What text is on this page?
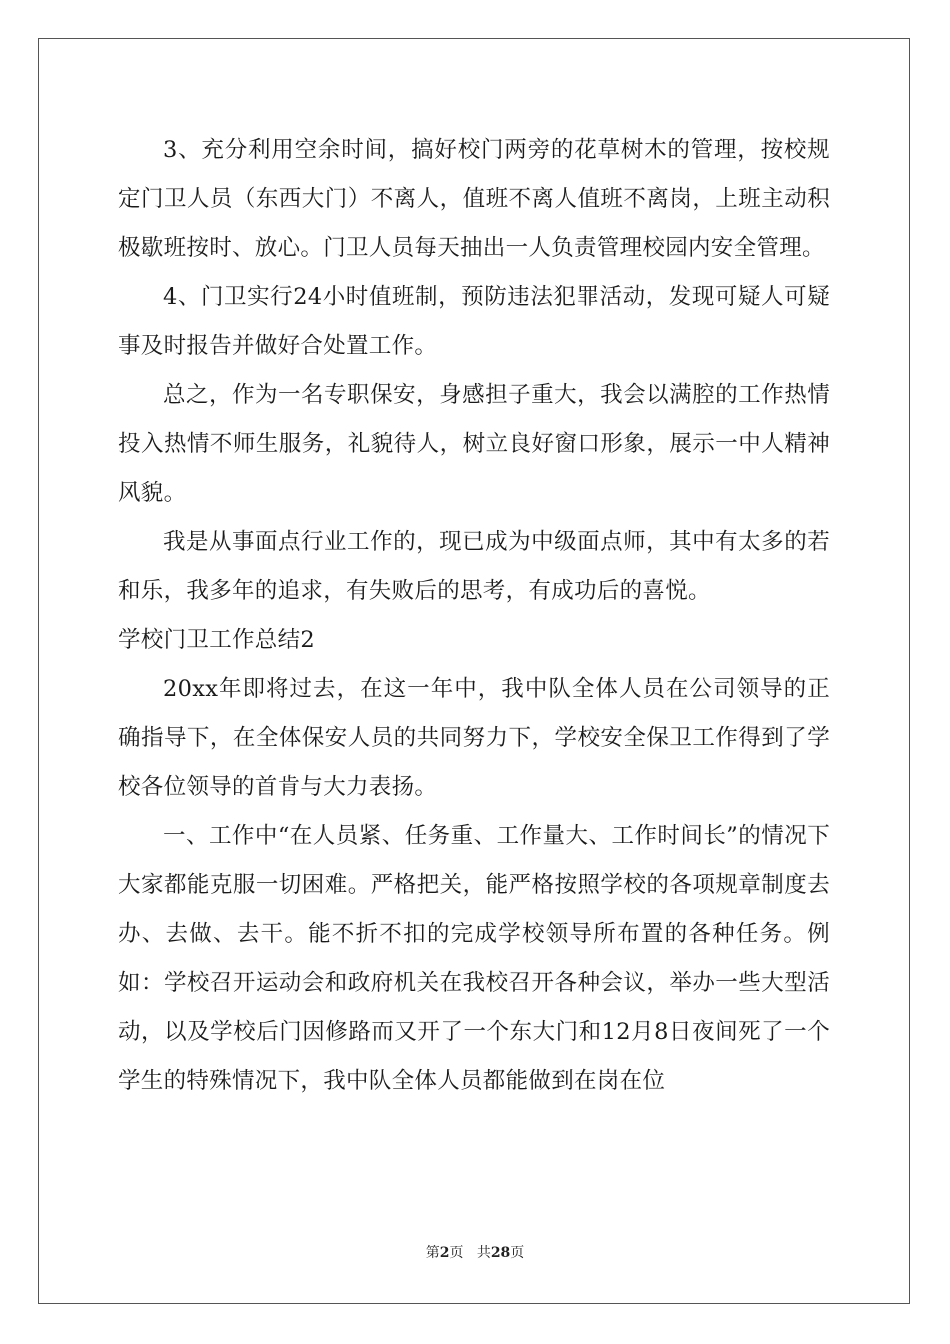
3、充分利用空余时间，搞好校门两旁的花草树木的管理，按校规定门卫人员（东西大门）不离人，值班不离人值班不离岗，上班主动积极歇班按时、放心。门卫人员每天抽出一人负责管理校园内安全管理。

4、门卫实行24小时值班制，预防违法犯罪活动，发现可疑人可疑事及时报告并做好合处置工作。

总之，作为一名专职保安，身感担子重大，我会以满腔的工作热情投入热情不师生服务，礼貌待人，树立良好窗口形象，展示一中人精神风貌。

我是从事面点行业工作的，现已成为中级面点师，其中有太多的若和乐，我多年的追求，有失败后的思考，有成功后的喜悦。

学校门卫工作总结2

20xx年即将过去，在这一年中，我中队全体人员在公司领导的正确指导下，在全体保安人员的共同努力下，学校安全保卫工作得到了学校各位领导的首肯与大力表扬。

一、工作中“在人员紧、任务重、工作量大、工作时间长”的情况下大家都能克服一切困难。严格把关，能严格按照学校的各项规章制度去办、去做、去干。能不折不扣的完成学校领导所布置的各种任务。例如：学校召开运动会和政府机关在我校召开各种会议，举办一些大型活动，以及学校后门因修路而又开了一个东大门和12月8日夜间死了一个学生的特殊情况下，我中队全体人员都能做到在岗在位

第2页 共28页
